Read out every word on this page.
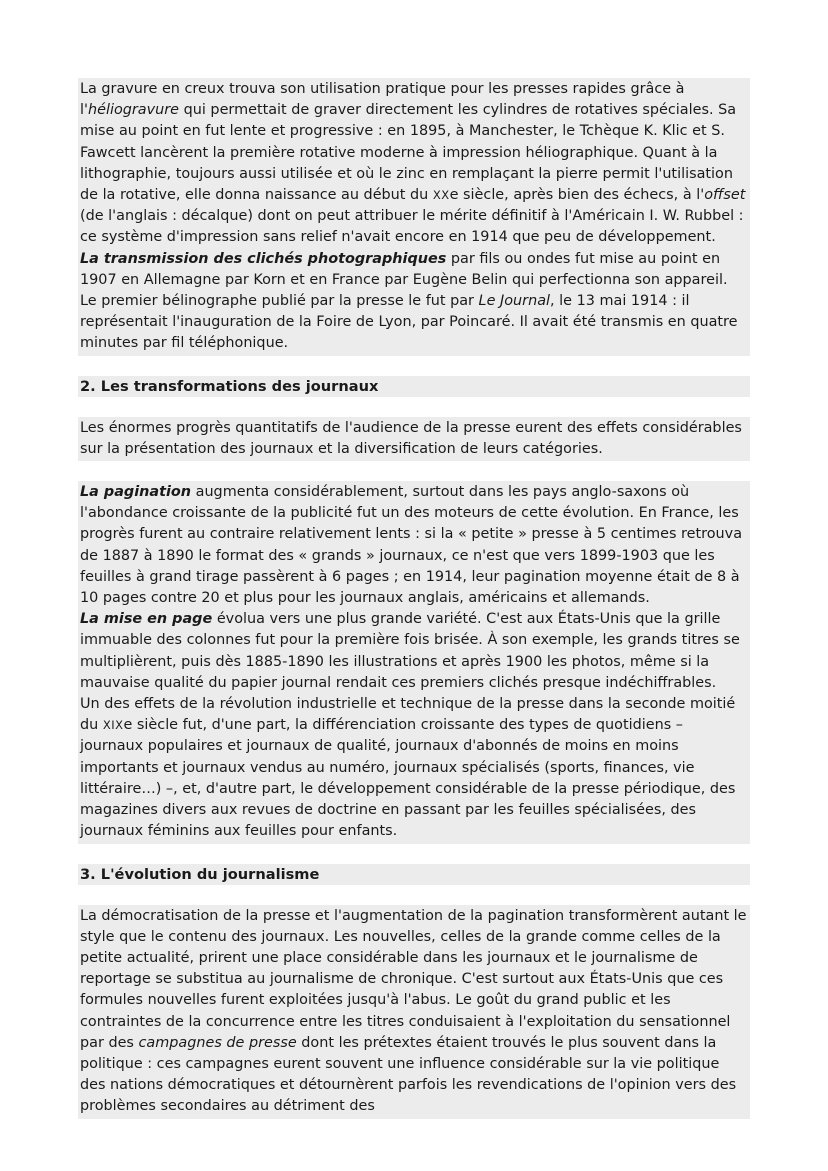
La gravure en creux trouva son utilisation pratique pour les presses rapides grâce à l'héliogravure qui permettait de graver directement les cylindres de rotatives spéciales. Sa mise au point en fut lente et progressive : en 1895, à Manchester, le Tchèque K. Klic et S. Fawcett lancèrent la première rotative moderne à impression héliographique. Quant à la lithographie, toujours aussi utilisée et où le zinc en remplaçant la pierre permit l'utilisation de la rotative, elle donna naissance au début du XXe siècle, après bien des échecs, à l'offset (de l'anglais : décalque) dont on peut attribuer le mérite définitif à l'Américain I. W. Rubbel : ce système d'impression sans relief n'avait encore en 1914 que peu de développement.

La transmission des clichés photographiques par fils ou ondes fut mise au point en 1907 en Allemagne par Korn et en France par Eugène Belin qui perfectionna son appareil. Le premier bélinographe publié par la presse le fut par Le Journal, le 13 mai 1914 : il représentait l'inauguration de la Foire de Lyon, par Poincaré. Il avait été transmis en quatre minutes par fil téléphonique.

2. Les transformations des journaux

Les énormes progrès quantitatifs de l'audience de la presse eurent des effets considérables sur la présentation des journaux et la diversification de leurs catégories.

La pagination augmenta considérablement, surtout dans les pays anglo-saxons où l'abondance croissante de la publicité fut un des moteurs de cette évolution. En France, les progrès furent au contraire relativement lents : si la « petite » presse à 5 centimes retrouva de 1887 à 1890 le format des « grands » journaux, ce n'est que vers 1899-1903 que les feuilles à grand tirage passèrent à 6 pages ; en 1914, leur pagination moyenne était de 8 à 10 pages contre 20 et plus pour les journaux anglais, américains et allemands.

La mise en page évolua vers une plus grande variété. C'est aux États-Unis que la grille immuable des colonnes fut pour la première fois brisée. À son exemple, les grands titres se multiplièrent, puis dès 1885-1890 les illustrations et après 1900 les photos, même si la mauvaise qualité du papier journal rendait ces premiers clichés presque indéchiffrables.

Un des effets de la révolution industrielle et technique de la presse dans la seconde moitié du XIXe siècle fut, d'une part, la différenciation croissante des types de quotidiens – journaux populaires et journaux de qualité, journaux d'abonnés de moins en moins importants et journaux vendus au numéro, journaux spécialisés (sports, finances, vie littéraire…) –, et, d'autre part, le développement considérable de la presse périodique, des magazines divers aux revues de doctrine en passant par les feuilles spécialisées, des journaux féminins aux feuilles pour enfants.

3. L'évolution du journalisme

La démocratisation de la presse et l'augmentation de la pagination transformèrent autant le style que le contenu des journaux. Les nouvelles, celles de la grande comme celles de la petite actualité, prirent une place considérable dans les journaux et le journalisme de reportage se substitua au journalisme de chronique. C'est surtout aux États-Unis que ces formules nouvelles furent exploitées jusqu'à l'abus. Le goût du grand public et les contraintes de la concurrence entre les titres conduisaient à l'exploitation du sensationnel par des campagnes de presse dont les prétextes étaient trouvés le plus souvent dans la politique : ces campagnes eurent souvent une influence considérable sur la vie politique des nations démocratiques et détournèrent parfois les revendications de l'opinion vers des problèmes secondaires au détriment des
